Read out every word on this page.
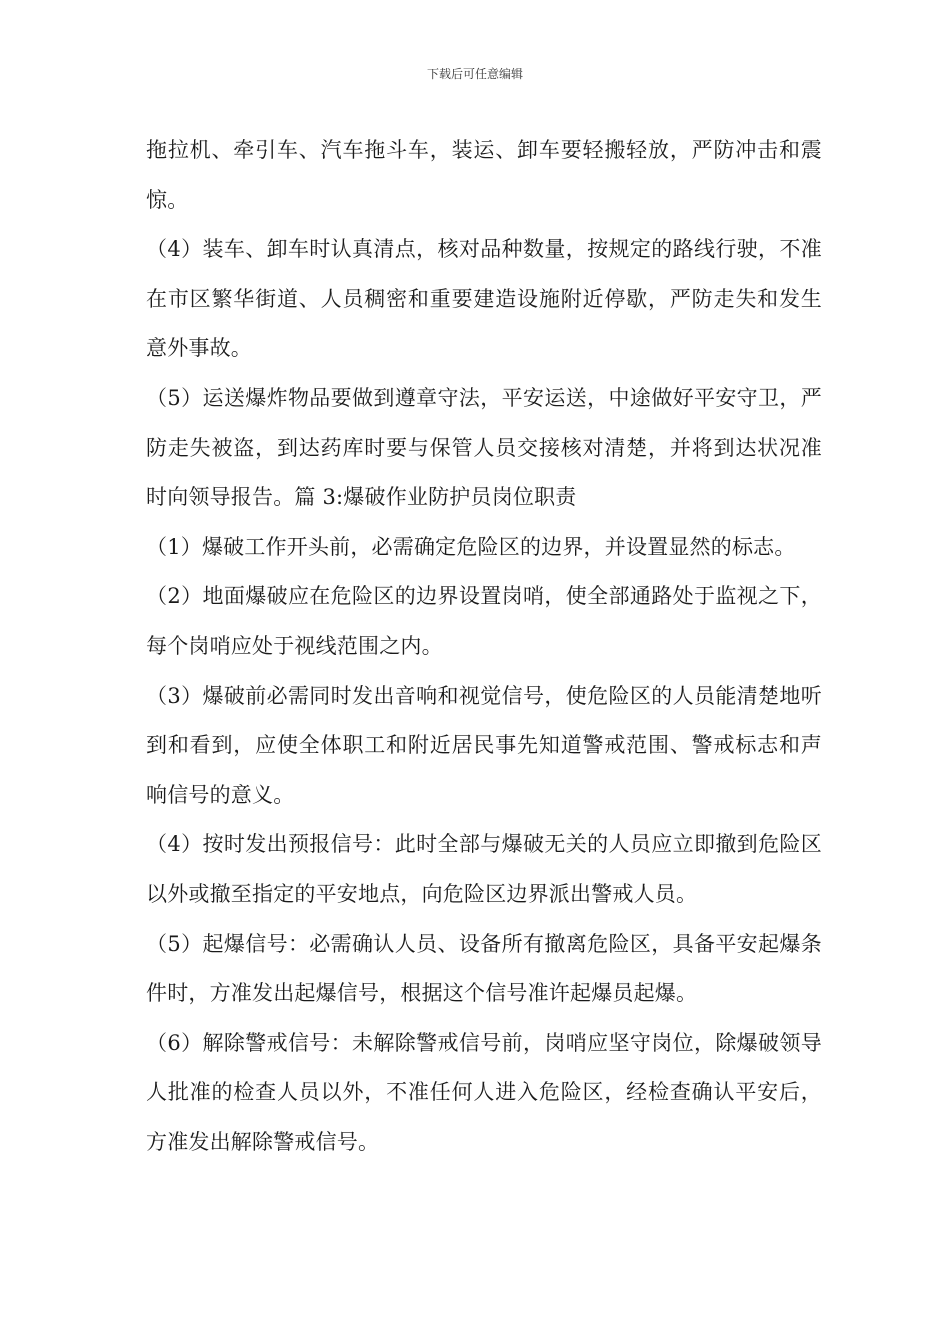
下载后可任意编辑

拖拉机、牵引车、汽车拖斗车，装运、卸车要轻搬轻放，严防冲击和震惊。

（4）装车、卸车时认真清点，核对品种数量，按规定的路线行驶，不准在市区繁华街道、人员稠密和重要建造设施附近停歇，严防走失和发生意外事故。

（5）运送爆炸物品要做到遵章守法，平安运送，中途做好平安守卫，严防走失被盗，到达药库时要与保管人员交接核对清楚，并将到达状况准时向领导报告。篇 3:爆破作业防护员岗位职责

（1）爆破工作开头前，必需确定危险区的边界，并设置显然的标志。

（2）地面爆破应在危险区的边界设置岗哨，使全部通路处于监视之下，每个岗哨应处于视线范围之内。

（3）爆破前必需同时发出音响和视觉信号，使危险区的人员能清楚地听到和看到，应使全体职工和附近居民事先知道警戒范围、警戒标志和声响信号的意义。

（4）按时发出预报信号：此时全部与爆破无关的人员应立即撤到危险区以外或撤至指定的平安地点，向危险区边界派出警戒人员。

（5）起爆信号：必需确认人员、设备所有撤离危险区，具备平安起爆条件时，方准发出起爆信号，根据这个信号准许起爆员起爆。

（6）解除警戒信号：未解除警戒信号前，岗哨应坚守岗位，除爆破领导人批准的检查人员以外，不准任何人进入危险区，经检查确认平安后，方准发出解除警戒信号。
